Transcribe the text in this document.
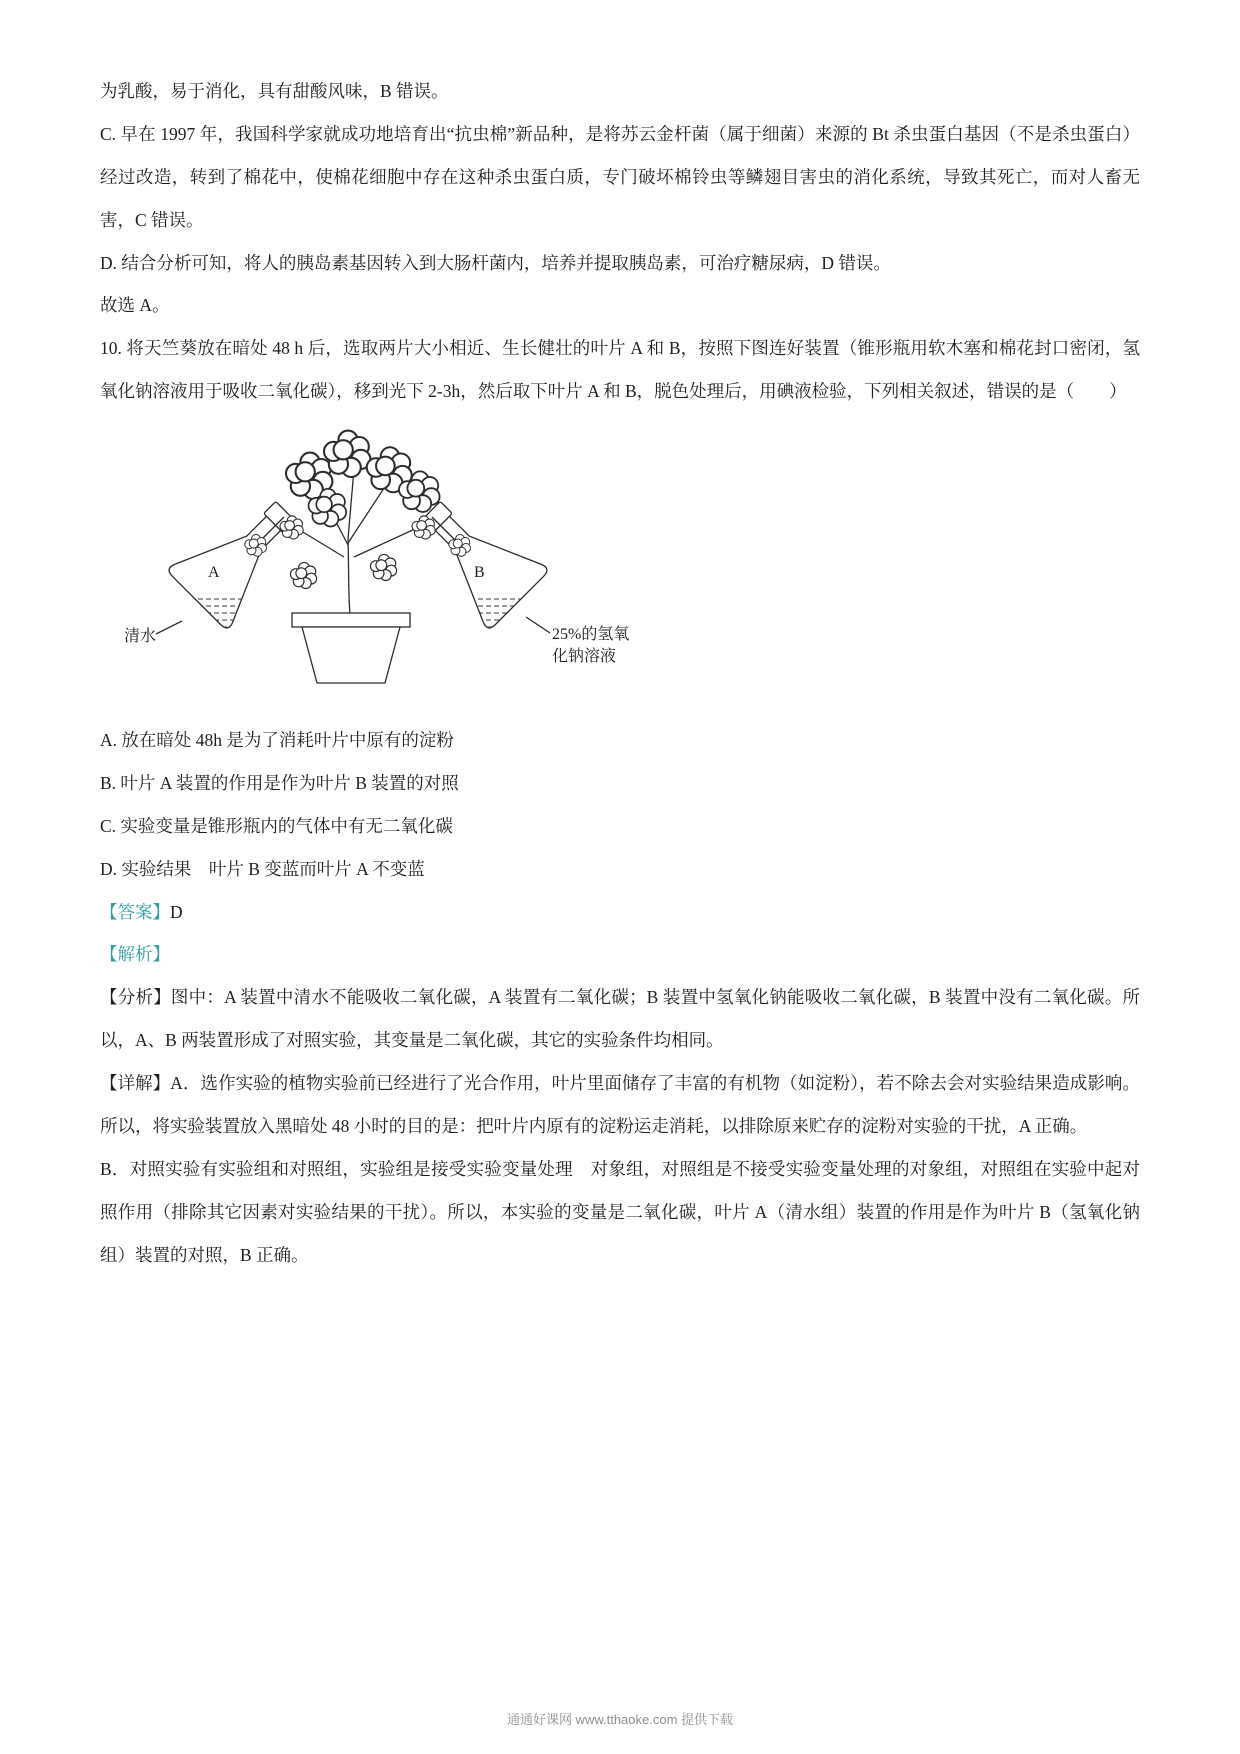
为乳酸，易于消化，具有甜酸风味，B 错误。

C. 早在 1997 年，我国科学家就成功地培育出“抗虫棉”新品种，是将苏云金杆菌（属于细菌）来源的 Bt 杀虫蛋白基因（不是杀虫蛋白）经过改造，转到了棉花中，使棉花细胞中存在这种杀虫蛋白质，专门破坏棉铃虫等鳞翅目害虫的消化系统，导致其死亡，而对人畜无害，C 错误。

D. 结合分析可知，将人的胰岛素基因转入到大肠杆菌内，培养并提取胰岛素，可治疗糖尿病，D 错误。

故选 A。

10. 将天竺葵放在暗处 48 h 后，选取两片大小相近、生长健壮的叶片 A 和 B，按照下图连好装置（锥形瓶用软木塞和棉花封口密闭，氢氧化钠溶液用于吸收二氧化碳），移到光下 2-3h，然后取下叶片 A 和 B，脱色处理后，用碘液检验，下列相关叙述，错误的是（　　）

A	B
清水	25%的氢氧
化钠溶液

A. 放在暗处 48h 是为了消耗叶片中原有的淀粉

B. 叶片 A 装置的作用是作为叶片 B 装置的对照

C. 实验变量是锥形瓶内的气体中有无二氧化碳

D. 实验结果　叶片 B 变蓝而叶片 A 不变蓝

【答案】D

【解析】

【分析】图中：A 装置中清水不能吸收二氧化碳，A 装置有二氧化碳；B 装置中氢氧化钠能吸收二氧化碳，B 装置中没有二氧化碳。所以，A、B 两装置形成了对照实验，其变量是二氧化碳，其它的实验条件均相同。

【详解】A．选作实验的植物实验前已经进行了光合作用，叶片里面储存了丰富的有机物（如淀粉），若不除去会对实验结果造成影响。所以，将实验装置放入黑暗处 48 小时的目的是：把叶片内原有的淀粉运走消耗，以排除原来贮存的淀粉对实验的干扰，A 正确。

B．对照实验有实验组和对照组，实验组是接受实验变量处理　对象组，对照组是不接受实验变量处理的对象组，对照组在实验中起对照作用（排除其它因素对实验结果的干扰）。所以，本实验的变量是二氧化碳，叶片 A（清水组）装置的作用是作为叶片 B（氢氧化钠组）装置的对照，B 正确。

通通好课网 www.tthaoke.com 提供下载
